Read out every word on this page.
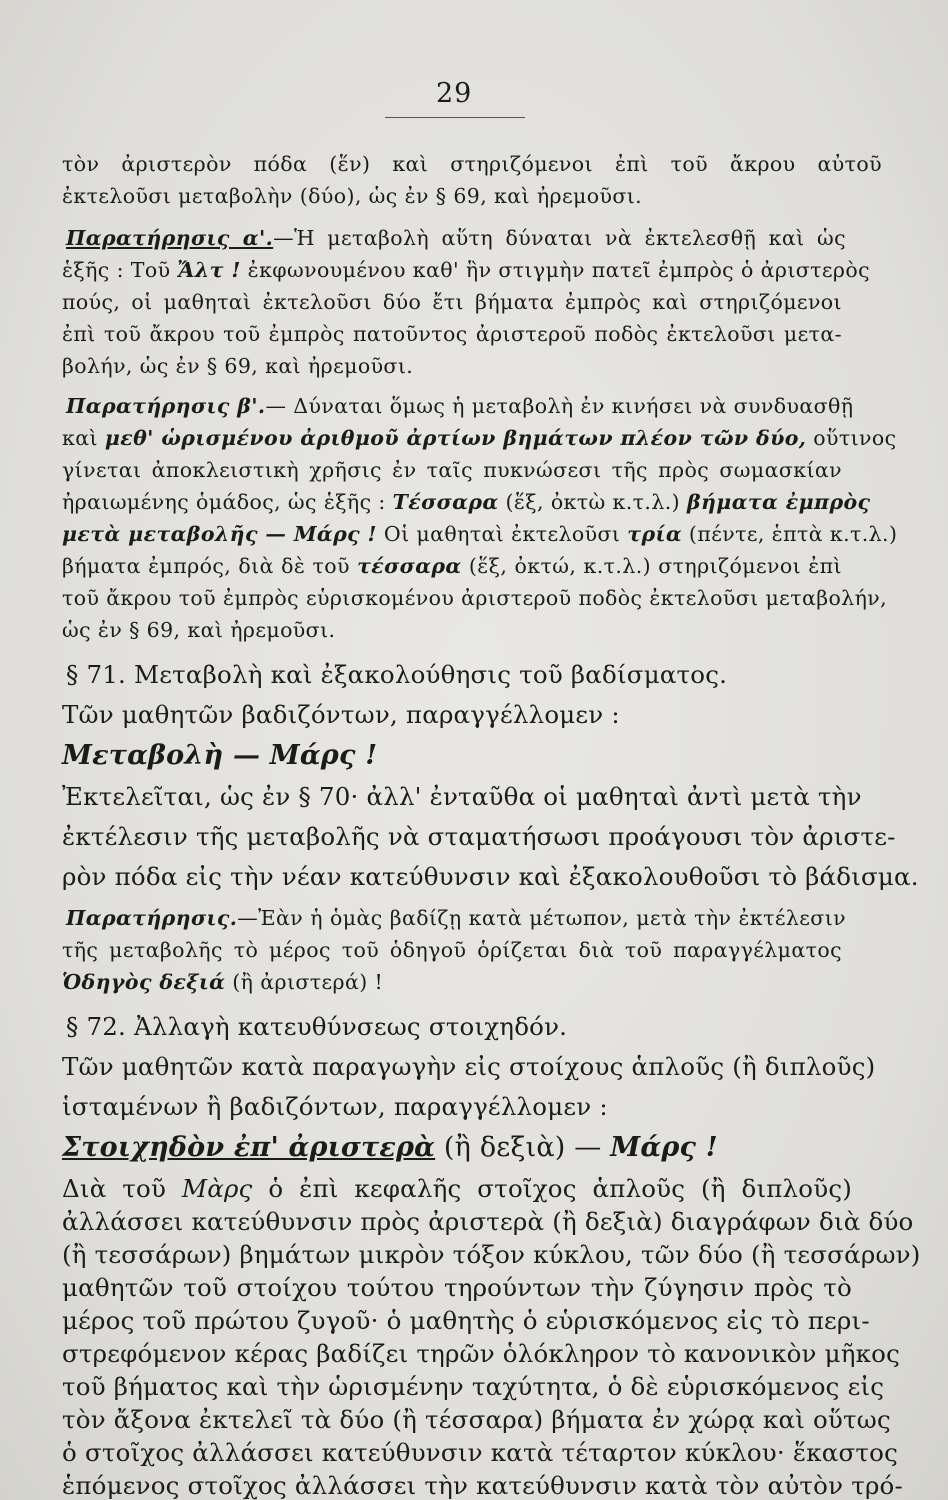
29
τὸν ἀριστερὸν πόδα (ἕν) καὶ στηριζόμενοι ἐπὶ τοῦ ἄκρου αὐτοῦ
ἐκτελοῦσι μεταβολὴν (δύο), ὡς ἐν § 69, καὶ ἠρεμοῦσι.
Παρατήρησις α'.—Ἡ μεταβολὴ αὕτη δύναται νὰ ἐκτελεσθῇ καὶ ὡς
ἑξῆς : Τοῦ Ἄλτ ! ἐκφωνουμένου καθ' ἣν στιγμὴν πατεῖ ἐμπρὸς ὁ ἀριστερὸς
πούς, οἱ μαθηταὶ ἐκτελοῦσι δύο ἔτι βήματα ἐμπρὸς καὶ στηριζόμενοι
ἐπὶ τοῦ ἄκρου τοῦ ἐμπρὸς πατοῦντος ἀριστεροῦ ποδὸς ἐκτελοῦσι μετα-
βολήν, ὡς ἐν § 69, καὶ ἠρεμοῦσι.
Παρατήρησις β'.— Δύναται ὅμως ἡ μεταβολὴ ἐν κινήσει νὰ συνδυασθῇ
καὶ μεθ' ὡρισμένου ἀριθμοῦ ἀρτίων βημάτων πλέον τῶν δύο, οὕτινος
γίνεται ἀποκλειστικὴ χρῆσις ἐν ταῖς πυκνώσεσι τῆς πρὸς σωμασκίαν
ἠραιωμένης ὁμάδος, ὡς ἑξῆς : Τέσσαρα (ἕξ, ὀκτὼ κ.τ.λ.) βήματα ἐμπρὸς
μετὰ μεταβολῆς — Μάρς ! Οἱ μαθηταὶ ἐκτελοῦσι τρία (πέντε, ἑπτὰ κ.τ.λ.)
βήματα ἐμπρός, διὰ δὲ τοῦ τέσσαρα (ἕξ, ὀκτώ, κ.τ.λ.) στηριζόμενοι ἐπὶ
τοῦ ἄκρου τοῦ ἐμπρὸς εὑρισκομένου ἀριστεροῦ ποδὸς ἐκτελοῦσι μεταβολήν,
ὡς ἐν § 69, καὶ ἠρεμοῦσι.
§ 71. Μεταβολὴ καὶ ἐξακολούθησις τοῦ βαδίσματος.
Τῶν μαθητῶν βαδιζόντων, παραγγέλλομεν :
Μεταβολὴ — Μάρς !
Ἐκτελεῖται, ὡς ἐν § 70· ἀλλ' ἐνταῦθα οἱ μαθηταὶ ἀντὶ μετὰ τὴν
ἐκτέλεσιν τῆς μεταβολῆς νὰ σταματήσωσι προάγουσι τὸν ἀριστε-
ρὸν πόδα εἰς τὴν νέαν κατεύθυνσιν καὶ ἐξακολουθοῦσι τὸ βάδισμα.
Παρατήρησις.—Ἐὰν ἡ ὁμὰς βαδίζῃ κατὰ μέτωπον, μετὰ τὴν ἐκτέλεσιν
τῆς μεταβολῆς τὸ μέρος τοῦ ὁδηγοῦ ὁρίζεται διὰ τοῦ παραγγέλματος
Ὁδηγὸς δεξιά (ἢ ἀριστερά) !
§ 72. Ἀλλαγὴ κατευθύνσεως στοιχηδόν.
Τῶν μαθητῶν κατὰ παραγωγὴν εἰς στοίχους ἁπλοῦς (ἢ διπλοῦς)
ἱσταμένων ἢ βαδιζόντων, παραγγέλλομεν :
Στοιχηδὸν ἐπ' ἀριστερὰ (ἢ δεξιὰ) — Μάρς !
Διὰ τοῦ Μὰρς ὁ ἐπὶ κεφαλῆς στοῖχος ἁπλοῦς (ἢ διπλοῦς)
ἀλλάσσει κατεύθυνσιν πρὸς ἀριστερὰ (ἢ δεξιὰ) διαγράφων διὰ δύο
(ἢ τεσσάρων) βημάτων μικρὸν τόξον κύκλου, τῶν δύο (ἢ τεσσάρων)
μαθητῶν τοῦ στοίχου τούτου τηρούντων τὴν ζύγησιν πρὸς τὸ
μέρος τοῦ πρώτου ζυγοῦ· ὁ μαθητὴς ὁ εὑρισκόμενος εἰς τὸ περι-
στρεφόμενον κέρας βαδίζει τηρῶν ὁλόκληρον τὸ κανονικὸν μῆκος
τοῦ βήματος καὶ τὴν ὡρισμένην ταχύτητα, ὁ δὲ εὑρισκόμενος εἰς
τὸν ἄξονα ἐκτελεῖ τὰ δύο (ἢ τέσσαρα) βήματα ἐν χώρᾳ καὶ οὕτως
ὁ στοῖχος ἀλλάσσει κατεύθυνσιν κατὰ τέταρτον κύκλου· ἕκαστος
ἑπόμενος στοῖχος ἀλλάσσει τὴν κατεύθυνσιν κατὰ τὸν αὐτὸν τρό-
